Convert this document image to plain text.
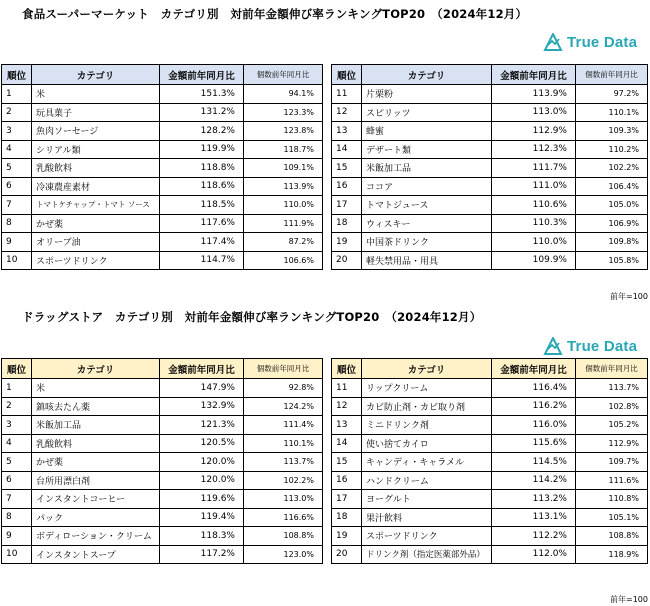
食品スーパーマーケット　カテゴリ別　対前年金額伸び率ランキングTOP20　（2024年12月）
True Data
順位	カテゴリ	金額前年同月比	個数前年同月比
1	米	151.3%	94.1%
2	玩具菓子	131.2%	123.3%
3	魚肉ソーセージ	128.2%	123.8%
4	シリアル類	119.9%	118.7%
5	乳酸飲料	118.8%	109.1%
6	冷凍農産素材	118.6%	113.9%
7	トマトケチャップ・トマト ソース	118.5%	110.0%
8	かぜ薬	117.6%	111.9%
9	オリーブ油	117.4%	87.2%
10	スポーツドリンク	114.7%	106.6%
順位	カテゴリ	金額前年同月比	個数前年同月比
11	片栗粉	113.9%	97.2%
12	スピリッツ	113.0%	110.1%
13	蜂蜜	112.9%	109.3%
14	デザート類	112.3%	110.2%
15	米飯加工品	111.7%	102.2%
16	ココア	111.0%	106.4%
17	トマトジュース	110.6%	105.0%
18	ウィスキー	110.3%	106.9%
19	中国茶ドリンク	110.0%	109.8%
20	軽失禁用品・用具	109.9%	105.8%
前年=100
ドラッグストア　カテゴリ別　対前年金額伸び率ランキングTOP20　（2024年12月）
True Data
順位	カテゴリ	金額前年同月比	個数前年同月比
1	米	147.9%	92.8%
2	鎮咳去たん薬	132.9%	124.2%
3	米飯加工品	121.3%	111.4%
4	乳酸飲料	120.5%	110.1%
5	かぜ薬	120.0%	113.7%
6	台所用漂白剤	120.0%	102.2%
7	インスタントコーヒー	119.6%	113.0%
8	パック	119.4%	116.6%
9	ボディローション・クリーム	118.3%	108.8%
10	インスタントスープ	117.2%	123.0%
順位	カテゴリ	金額前年同月比	個数前年同月比
11	リップクリーム	116.4%	113.7%
12	カビ防止剤・カビ取り剤	116.2%	102.8%
13	ミニドリンク剤	116.0%	105.2%
14	使い捨てカイロ	115.6%	112.9%
15	キャンディ・キャラメル	114.5%	109.7%
16	ハンドクリーム	114.2%	111.6%
17	ヨーグルト	113.2%	110.8%
18	果汁飲料	113.1%	105.1%
19	スポーツドリンク	112.2%	108.8%
20	ドリンク剤（指定医薬部外品）	112.0%	118.9%
前年=100
